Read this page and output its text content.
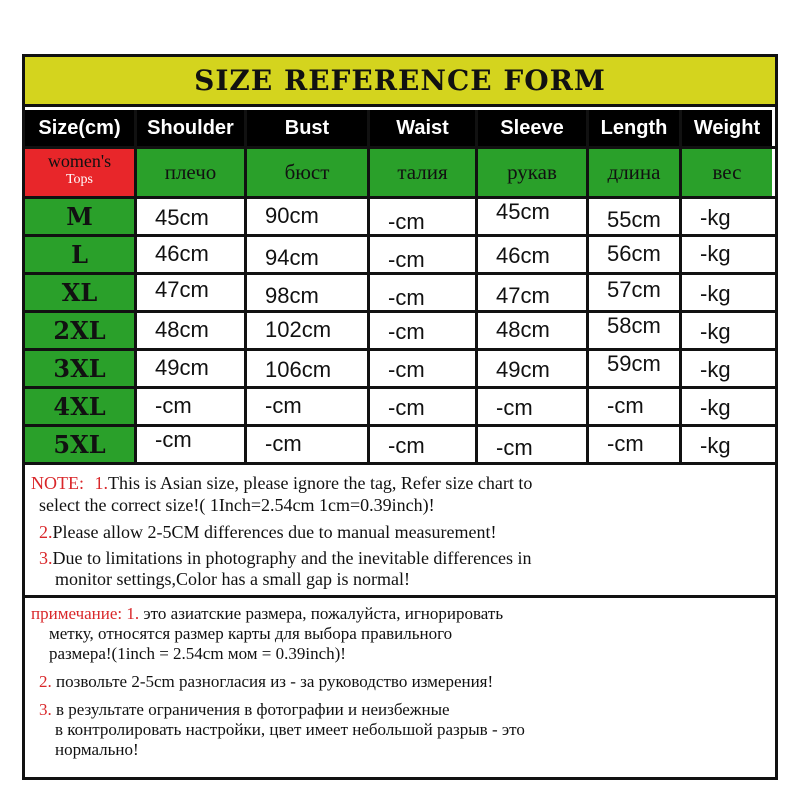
SIZE REFERENCE FORM
Size(cm)	Shoulder	Bust	Waist	Sleeve	Length	Weight
women's
Tops	плечо	бюст	талия	рукав	длина	вес
M	45cm	90cm	-cm	45cm	55cm -kg
L	46cm	94cm	-cm	46cm	56cm -kg
XL	47cm	98cm	-cm	47cm	57cm -kg
2XL	48cm	102cm	-cm	48cm	58cm -kg
3XL	49cm	106cm	-cm	49cm	59cm -kg
4XL	-cm	-cm	-cm	-cm	-cm	-kg
5XL	-cm	-cm	-cm	-cm	-cm	-kg
NOTE: 1.This is Asian size, please ignore the tag, Refer size chart to
select the correct size!( 1Inch=2.54cm 1cm=0.39inch)!
2.Please allow 2-5CM differences due to manual measurement!
3.Due to limitations in photography and the inevitable differences in
monitor settings,Color has a small gap is normal!
примечание: 1. это азиатские размера, пожалуйста, игнорировать
метку, относятся размер карты для выбора правильного
размера!(1inch = 2.54cm мом = 0.39inch)!
2. позвольте 2-5cm разногласия из - за руководство измерения!
3. в результате ограничения в фотографии и неизбежные
в контролировать настройки, цвет имеет небольшой разрыв - это
нормально!
